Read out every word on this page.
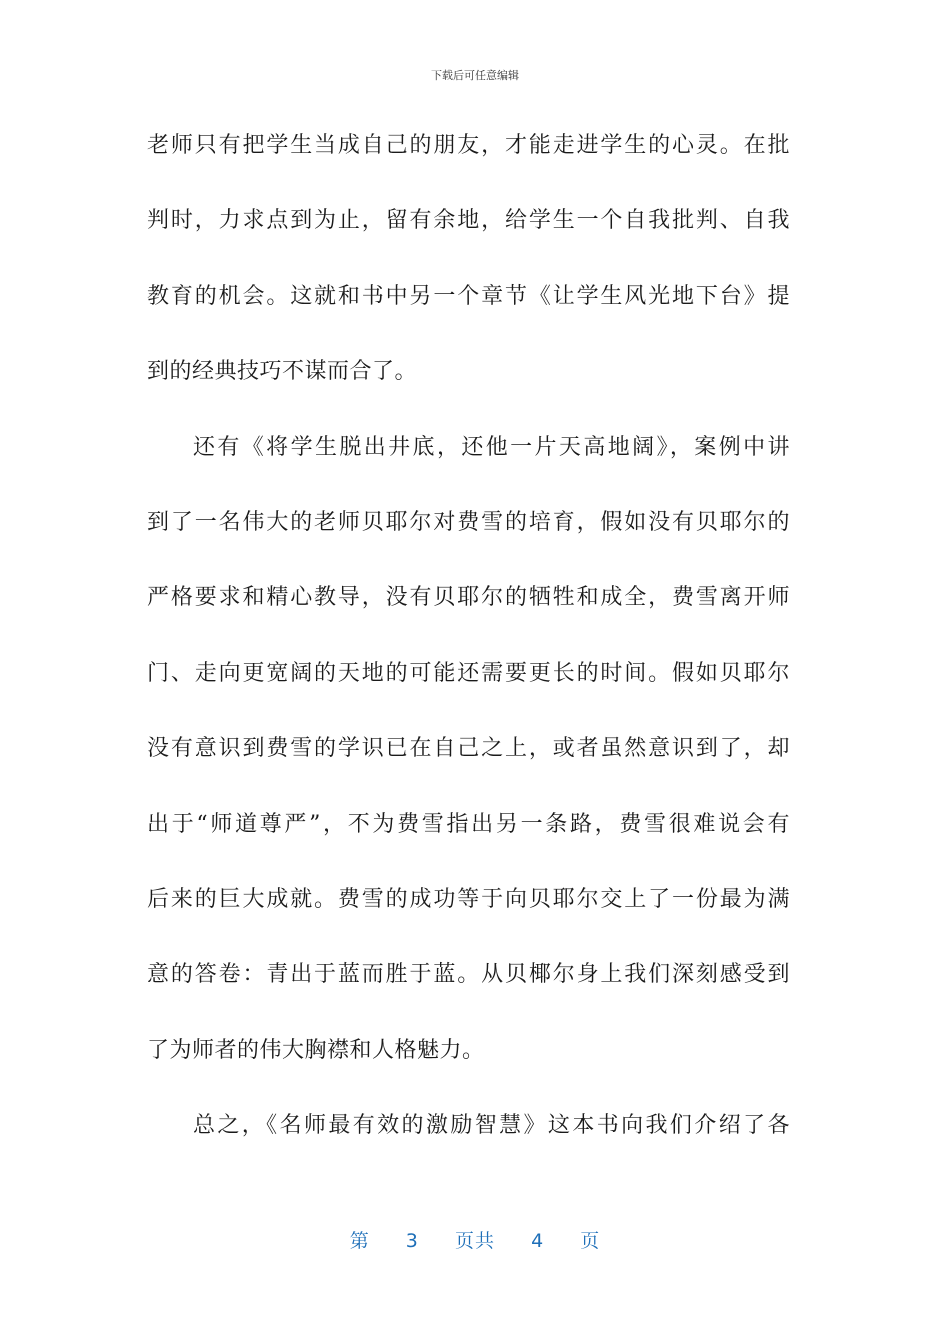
下载后可任意编辑
老师只有把学生当成自己的朋友，才能走进学生的心灵。在批
判时，力求点到为止，留有余地，给学生一个自我批判、自我
教育的机会。这就和书中另一个章节《让学生风光地下台》提
到的经典技巧不谋而合了。
还有《将学生脱出井底，还他一片天高地阔》，案例中讲
到了一名伟大的老师贝耶尔对费雪的培育，假如没有贝耶尔的
严格要求和精心教导，没有贝耶尔的牺牲和成全，费雪离开师
门、走向更宽阔的天地的可能还需要更长的时间。假如贝耶尔
没有意识到费雪的学识已在自己之上，或者虽然意识到了，却
出于“师道尊严”，不为费雪指出另一条路，费雪很难说会有
后来的巨大成就。费雪的成功等于向贝耶尔交上了一份最为满
意的答卷：青出于蓝而胜于蓝。从贝椰尔身上我们深刻感受到
了为师者的伟大胸襟和人格魅力。
总之，《名师最有效的激励智慧》这本书向我们介绍了各
第 3 页共 4 页
